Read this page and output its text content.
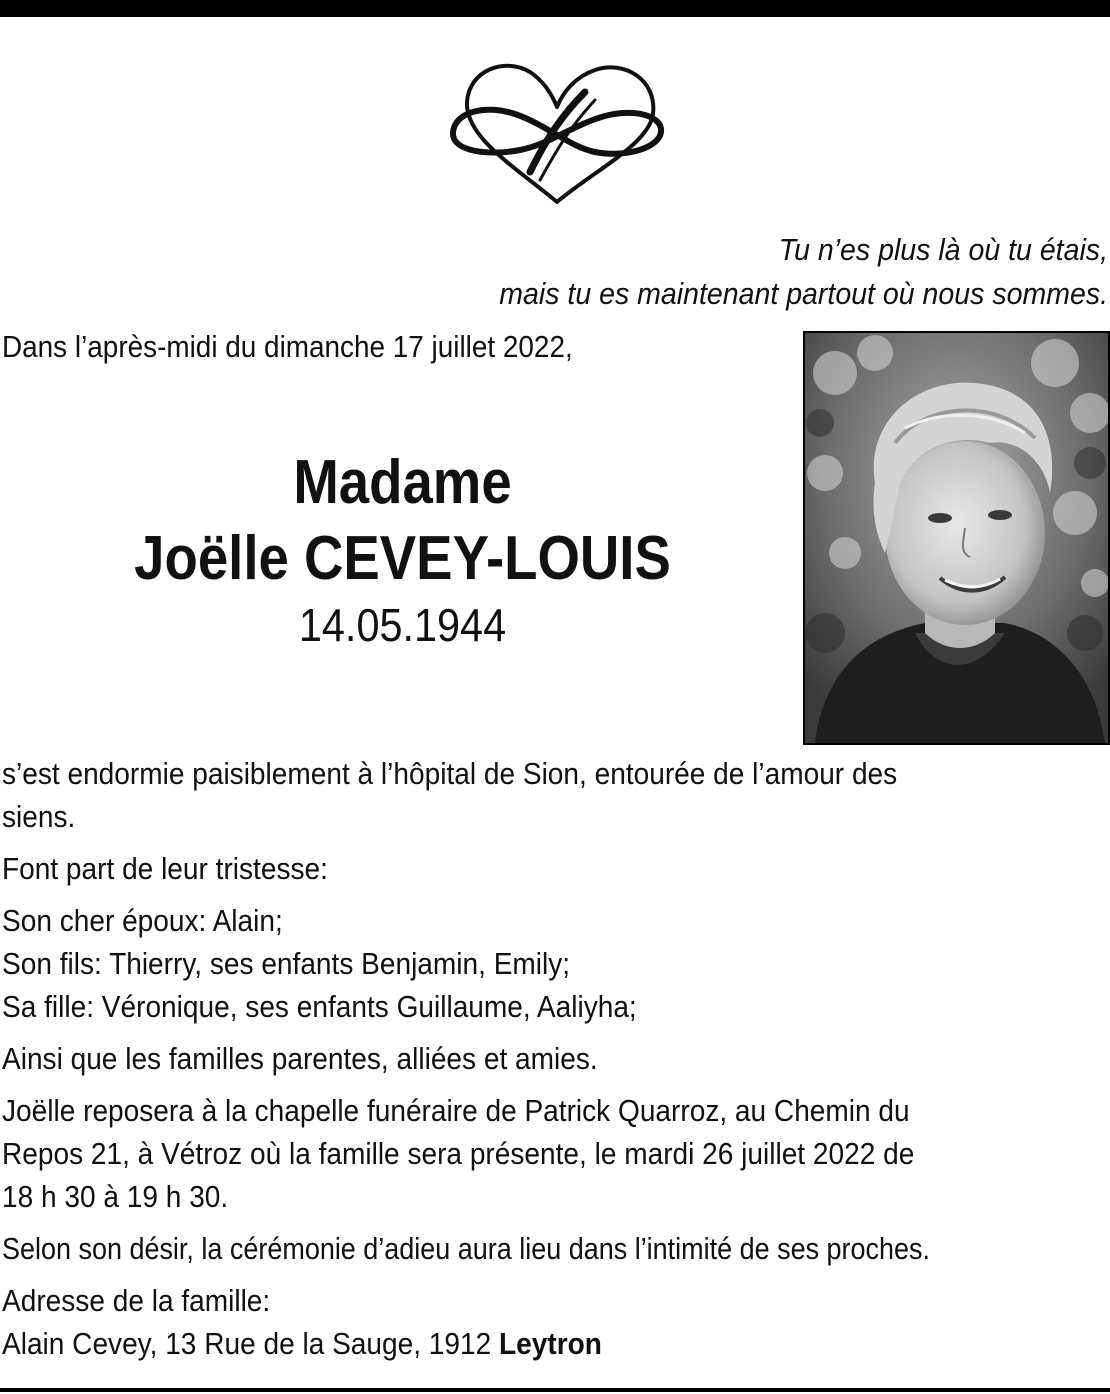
Tu n’es plus là où tu étais,
mais tu es maintenant partout où nous sommes.
Dans l’après-midi du dimanche 17 juillet 2022,
Madame
Joëlle CEVEY-LOUIS
14.05.1944
s’est endormie paisiblement à l’hôpital de Sion, entourée de l’amour des
siens.
Font part de leur tristesse:
Son cher époux: Alain;
Son fils: Thierry, ses enfants Benjamin, Emily;
Sa fille: Véronique, ses enfants Guillaume, Aaliyha;
Ainsi que les familles parentes, alliées et amies.
Joëlle reposera à la chapelle funéraire de Patrick Quarroz, au Chemin du
Repos 21, à Vétroz où la famille sera présente, le mardi 26 juillet 2022 de
18 h 30 à 19 h 30.
Selon son désir, la cérémonie d’adieu aura lieu dans l’intimité de ses proches.
Adresse de la famille:
Alain Cevey, 13 Rue de la Sauge, 1912 Leytron
